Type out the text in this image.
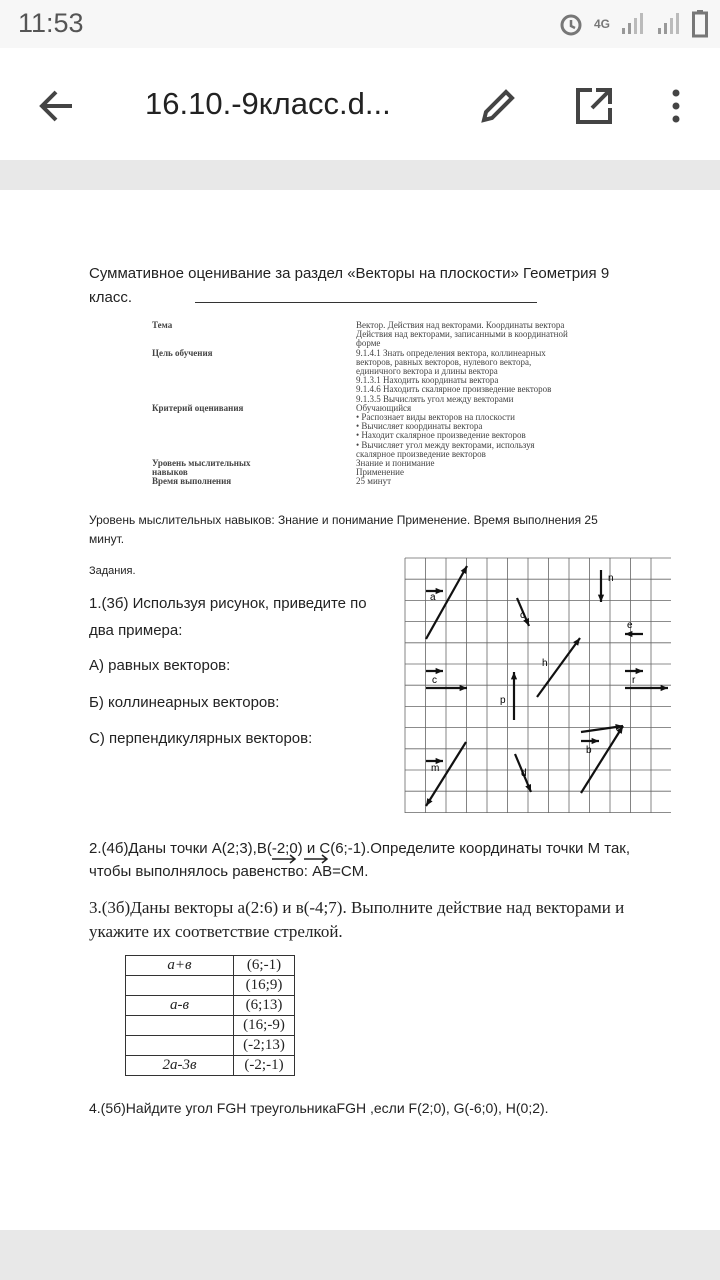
11:53	4G
16.10.-9класс.d...
Суммативное оценивание за раздел «Векторы на плоскости» Геометрия 9
класс.
Тема	Вектор. Действия над векторами. Координаты вектора
Действия над векторами, записанными в координатной
форме
Цель обучения	9.1.4.1 Знать определения вектора, коллинеарных
векторов, равных векторов, нулевого вектора,
единичного вектора и длины вектора
9.1.3.1 Находить координаты вектора
9.1.4.6 Находить скалярное произведение векторов
9.1.3.5 Вычислять угол между векторами
Критерий оценивания	Обучающийся
• Распознает виды векторов на плоскости
• Вычисляет координаты вектора
• Находит скалярное произведение векторов
• Вычисляет угол между векторами, используя
скалярное произведение векторов
Уровень мыслительных	Знание и понимание
навыков	Применение
Время выполнения	25 минут
Уровень мыслительных навыков: Знание и понимание Применение. Время выполнения 25
минут.
Задания.
1.(3б) Используя рисунок, приведите по
два примера:
А) равных векторов:
Б) коллинеарных векторов:
С) перпендикулярных векторов:
a
n
c
e
h
c	r
p
b
m	d
2.(4б)Даны точки A(2;3),B(-2;0) и C(6;-1).Определите координаты точки М так,
чтобы выполнялось равенство: AB=CM.
3.(3б)Даны векторы а(2:6) и в(-4;7). Выполните действие над векторами и
укажите их соответствие стрелкой.
а+в	(6;-1)
	(16;9)
а-в	(6;13)
	(16;-9)
	(-2;13)
2а-3в	(-2;-1)
4.(5б)Найдите угол FGH треугольникаFGH ,если F(2;0), G(-6;0), H(0;2).
